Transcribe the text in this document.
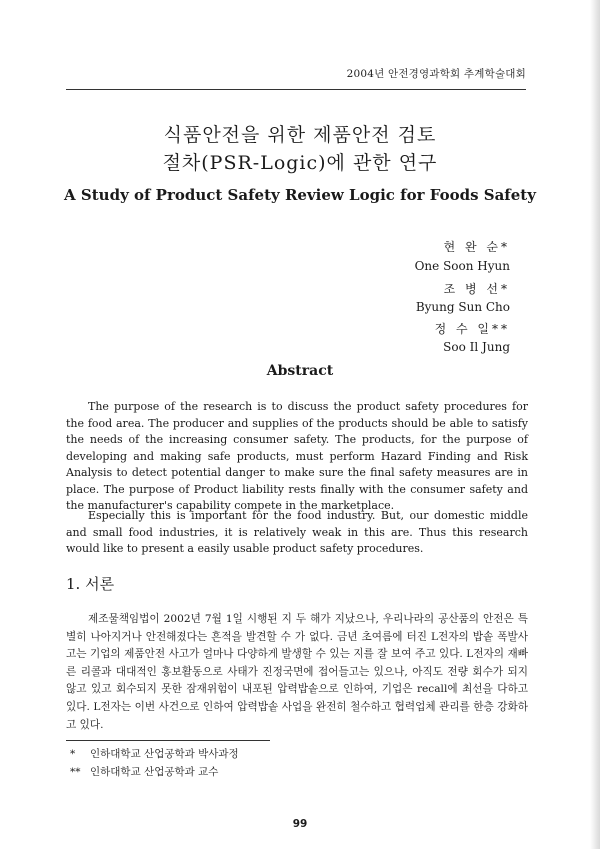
2004년 안전경영과학회 추계학술대회
식품안전을 위한 제품안전 검토
절차(PSR-Logic)에 관한 연구
A Study of Product Safety Review Logic for Foods Safety
현 완 순*
One Soon Hyun
조 병 선*
Byung Sun Cho
정 수 일**
Soo Il Jung
Abstract

The purpose of the research is to discuss the product safety procedures for the food area. The producer and supplies of the products should be able to satisfy the needs of the increasing consumer safety. The products, for the purpose of developing and making safe products, must perform Hazard Finding and Risk Analysis to detect potential danger to make sure the final safety measures are in place. The purpose of Product liability rests finally with the consumer safety and the manufacturer's capability compete in the marketplace.

Especially this is important for the food industry. But, our domestic middle and small food industries, it is relatively weak in this are. Thus this research would like to present a easily usable product safety procedures.

1. 서론

제조물책임법이 2002년 7월 1일 시행된 지 두 해가 지났으나, 우리나라의 공산품의 안전은 특별히 나아지거나 안전해졌다는 흔적을 발견할 수 가 없다. 금년 초여름에 터진 L전자의 밥솥 폭발사고는 기업의 제품안전 사고가 얼마나 다양하게 발생할 수 있는 지를 잘 보여 주고 있다. L전자의 재빠른 리콜과 대대적인 홍보활동으로 사태가 진정국면에 접어들고는 있으나, 아직도 전량 회수가 되지 않고 있고 회수되지 못한 잠재위험이 내포된 압력밥솥으로 인하여, 기업은 recall에 최선을 다하고 있다. L전자는 이번 사건으로 인하여 압력밥솥 사업을 완전히 철수하고 협력업체 관리를 한층 강화하고 있다.

* 인하대학교 산업공학과 박사과정
** 인하대학교 산업공학과 교수
99
